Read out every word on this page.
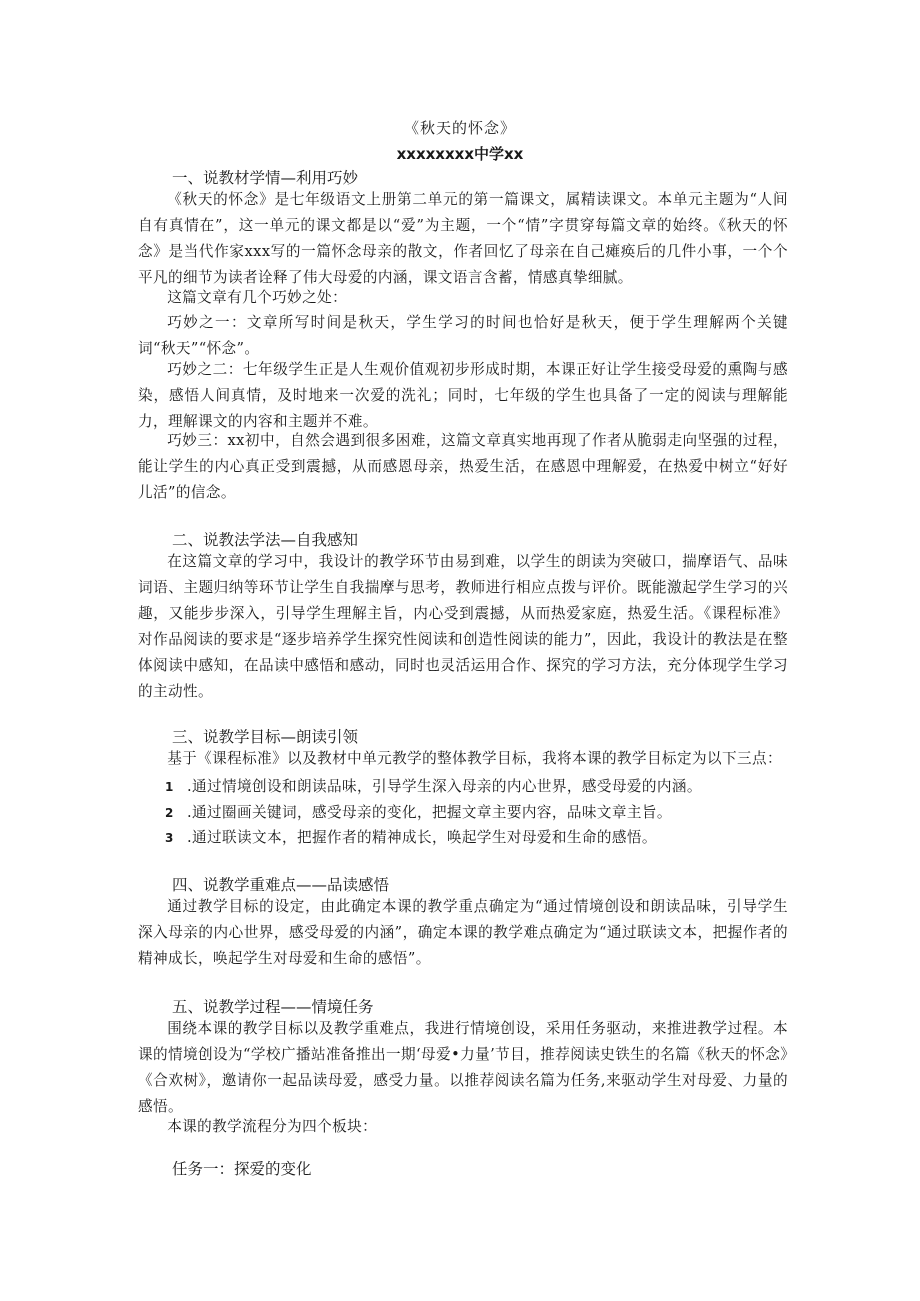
《秋天的怀念》
xxxxxxxx中学xx
一、说教材学情—利用巧妙

《秋天的怀念》是七年级语文上册第二单元的第一篇课文，属精读课文。本单元主题为“人间自有真情在”，这一单元的课文都是以“爱”为主题，一个“情”字贯穿每篇文章的始终。《秋天的怀念》是当代作家xxx写的一篇怀念母亲的散文，作者回忆了母亲在自己瘫痪后的几件小事，一个个平凡的细节为读者诠释了伟大母爱的内涵，课文语言含蓄，情感真挚细腻。

这篇文章有几个巧妙之处：

巧妙之一：文章所写时间是秋天，学生学习的时间也恰好是秋天，便于学生理解两个关键词“秋天”“怀念”。

巧妙之二：七年级学生正是人生观价值观初步形成时期，本课正好让学生接受母爱的熏陶与感染，感悟人间真情，及时地来一次爱的洗礼；同时，七年级的学生也具备了一定的阅读与理解能力，理解课文的内容和主题并不难。

巧妙三：xx初中，自然会遇到很多困难，这篇文章真实地再现了作者从脆弱走向坚强的过程，能让学生的内心真正受到震撼，从而感恩母亲，热爱生活，在感恩中理解爱，在热爱中树立“好好儿活”的信念。

二、说教法学法—自我感知

在这篇文章的学习中，我设计的教学环节由易到难，以学生的朗读为突破口，揣摩语气、品味词语、主题归纳等环节让学生自我揣摩与思考，教师进行相应点拨与评价。既能激起学生学习的兴趣，又能步步深入，引导学生理解主旨，内心受到震撼，从而热爱家庭，热爱生活。《课程标准》对作品阅读的要求是“逐步培养学生探究性阅读和创造性阅读的能力”，因此，我设计的教法是在整体阅读中感知，在品读中感悟和感动，同时也灵活运用合作、探究的学习方法，充分体现学生学习的主动性。

三、说教学目标—朗读引领

基于《课程标准》以及教材中单元教学的整体教学目标，我将本课的教学目标定为以下三点：

1 .通过情境创设和朗读品味，引导学生深入母亲的内心世界，感受母爱的内涵。
2 .通过圈画关键词，感受母亲的变化，把握文章主要内容，品味文章主旨。
3 .通过联读文本，把握作者的精神成长，唤起学生对母爱和生命的感悟。
四、说教学重难点——品读感悟

通过教学目标的设定，由此确定本课的教学重点确定为“通过情境创设和朗读品味，引导学生深入母亲的内心世界，感受母爱的内涵”，确定本课的教学难点确定为“通过联读文本，把握作者的精神成长，唤起学生对母爱和生命的感悟”。

五、说教学过程——情境任务

围绕本课的教学目标以及教学重难点，我进行情境创设，采用任务驱动，来推进教学过程。本课的情境创设为“学校广播站准备推出一期‘母爱•力量’节目，推荐阅读史铁生的名篇《秋天的怀念》《合欢树》，邀请你一起品读母爱，感受力量。以推荐阅读名篇为任务,来驱动学生对母爱、力量的感悟。

本课的教学流程分为四个板块：

任务一：探爱的变化
